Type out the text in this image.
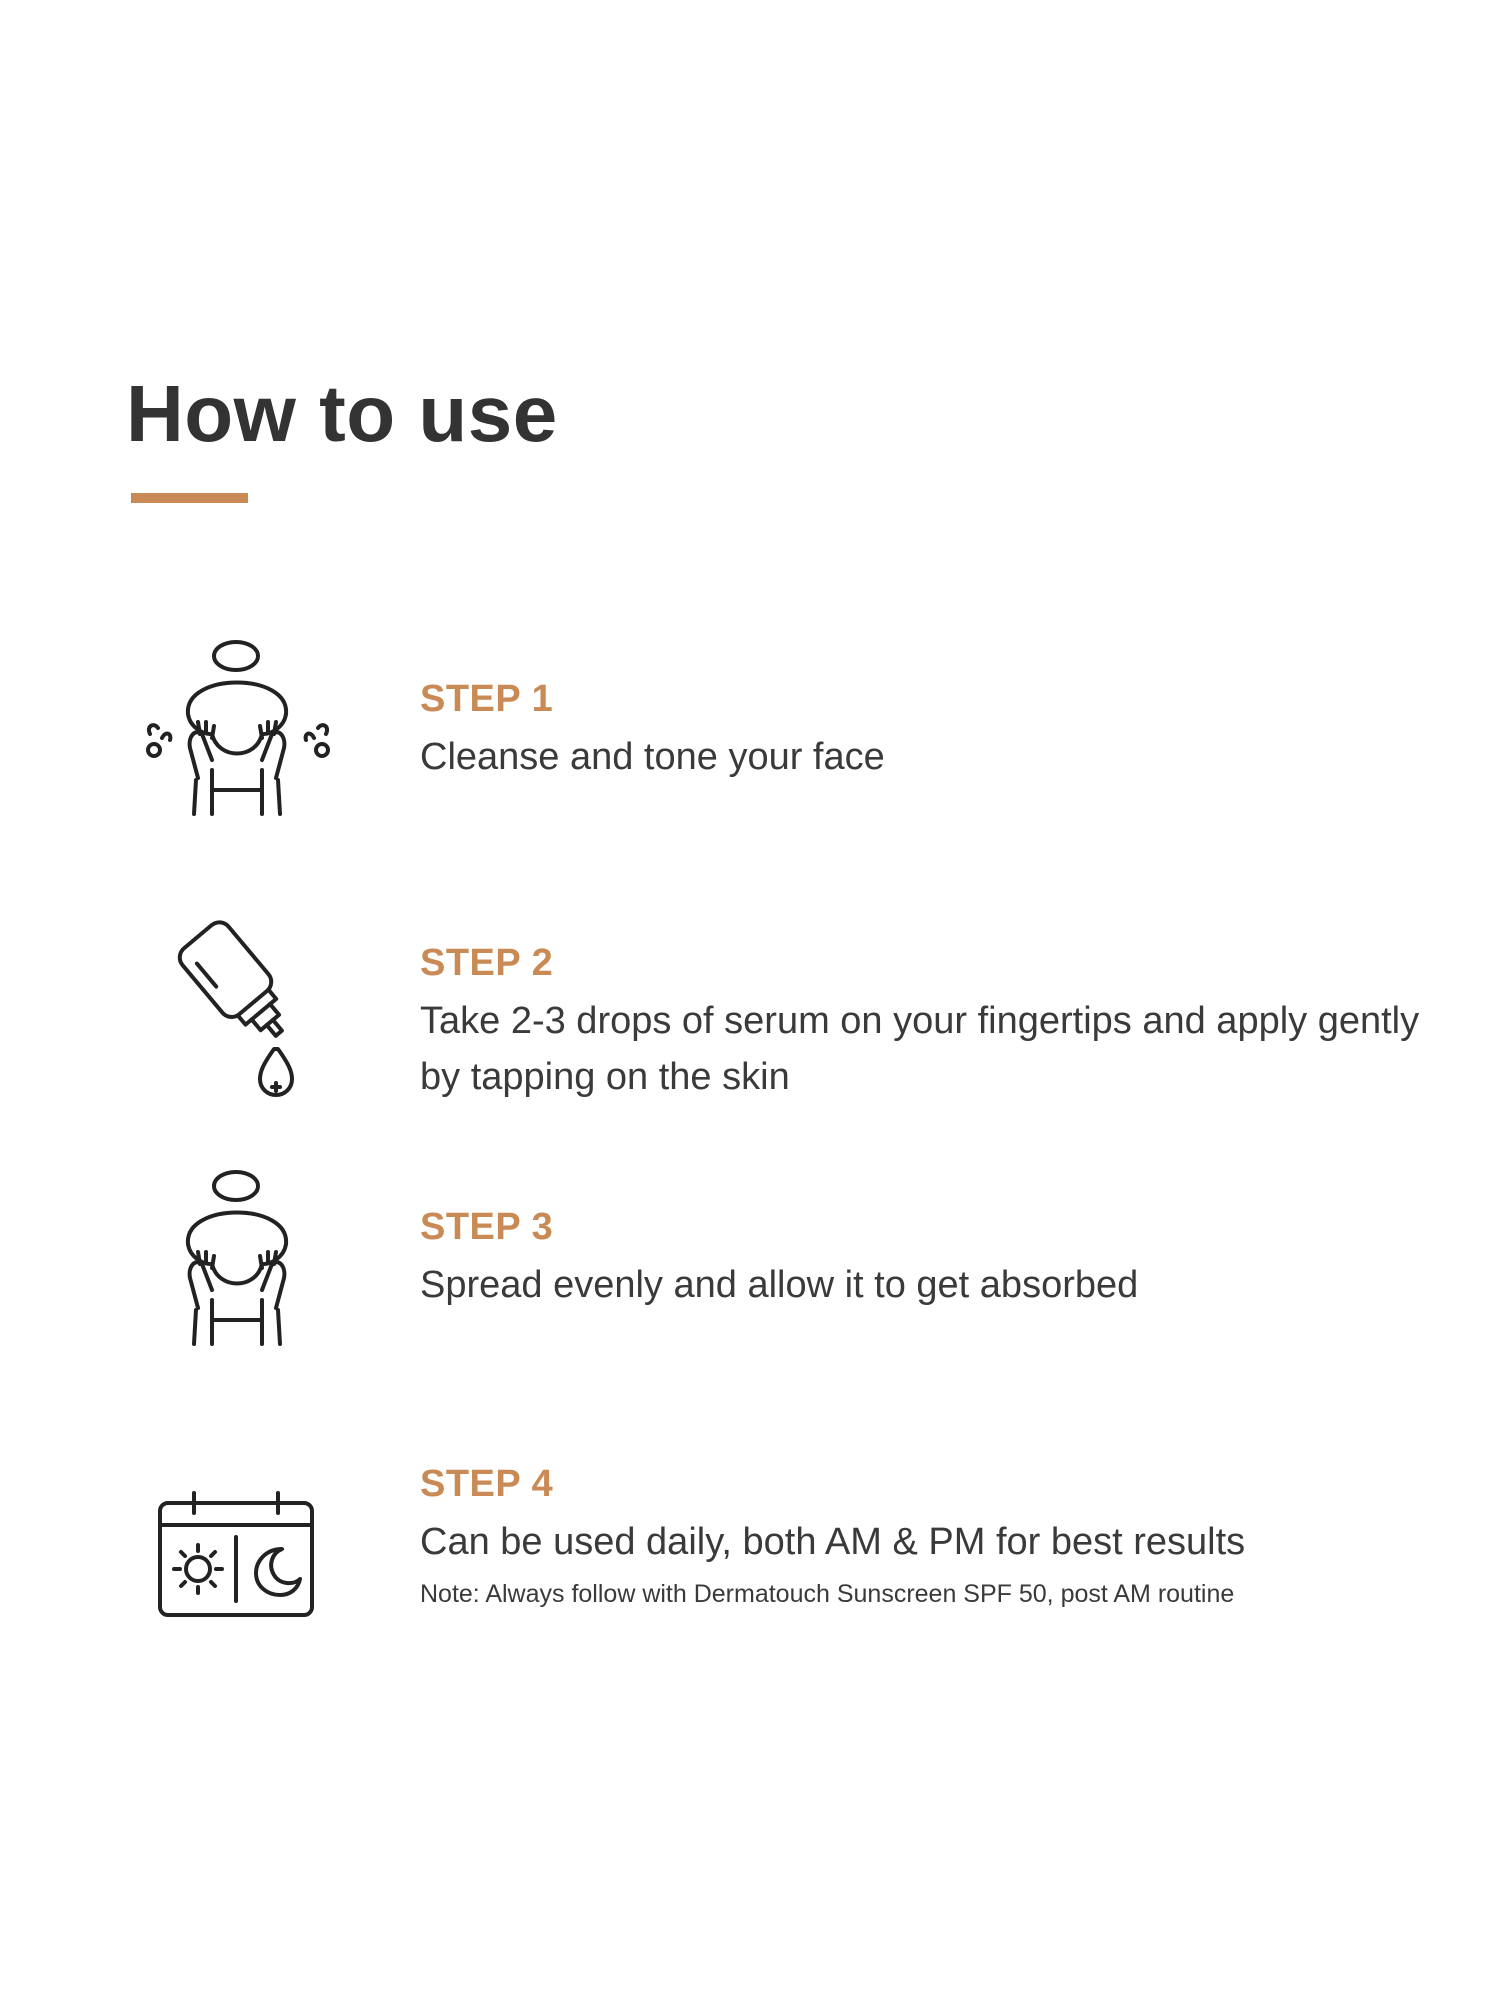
How to use

STEP 1

Cleanse and tone your face

STEP 2

Take 2-3 drops of serum on your fingertips and apply gently by tapping on the skin

STEP 3

Spread evenly and allow it to get absorbed

STEP 4

Can be used daily, both AM & PM for best results

Note: Always follow with Dermatouch Sunscreen SPF 50, post AM routine
